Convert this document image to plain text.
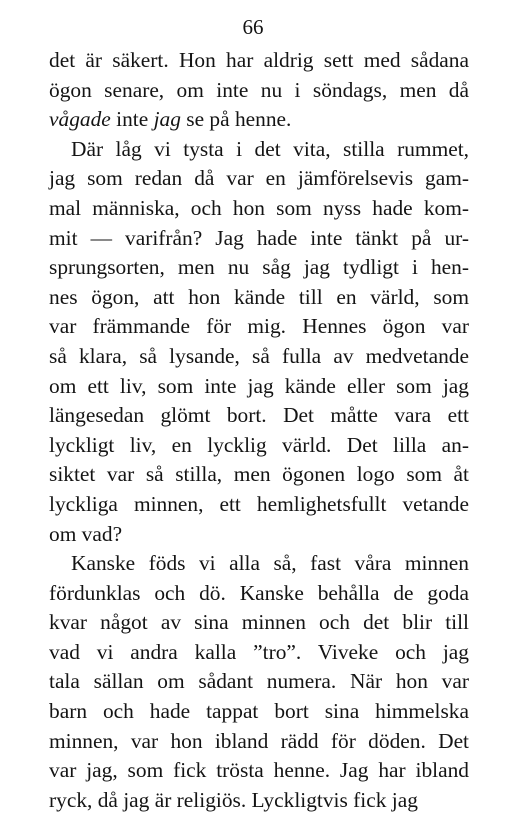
66
det är säkert. Hon har aldrig sett med sådana
ögon senare, om inte nu i söndags, men då
vågade inte jag se på henne.
Där låg vi tysta i det vita, stilla rummet,
jag som redan då var en jämförelsevis gam-
mal människa, och hon som nyss hade kom-
mit — varifrån? Jag hade inte tänkt på ur-
sprungsorten, men nu såg jag tydligt i hen-
nes ögon, att hon kände till en värld, som
var främmande för mig. Hennes ögon var
så klara, så lysande, så fulla av medvetande
om ett liv, som inte jag kände eller som jag
längesedan glömt bort. Det måtte vara ett
lyckligt liv, en lycklig värld. Det lilla an-
siktet var så stilla, men ögonen logo som åt
lyckliga minnen, ett hemlighetsfullt vetande
om vad?
Kanske föds vi alla så, fast våra minnen
fördunklas och dö. Kanske behålla de goda
kvar något av sina minnen och det blir till
vad vi andra kalla ”tro”. Viveke och jag
tala sällan om sådant numera. När hon var
barn och hade tappat bort sina himmelska
minnen, var hon ibland rädd för döden. Det
var jag, som fick trösta henne. Jag har ibland
ryck, då jag är religiös. Lyckligtvis fick jag
